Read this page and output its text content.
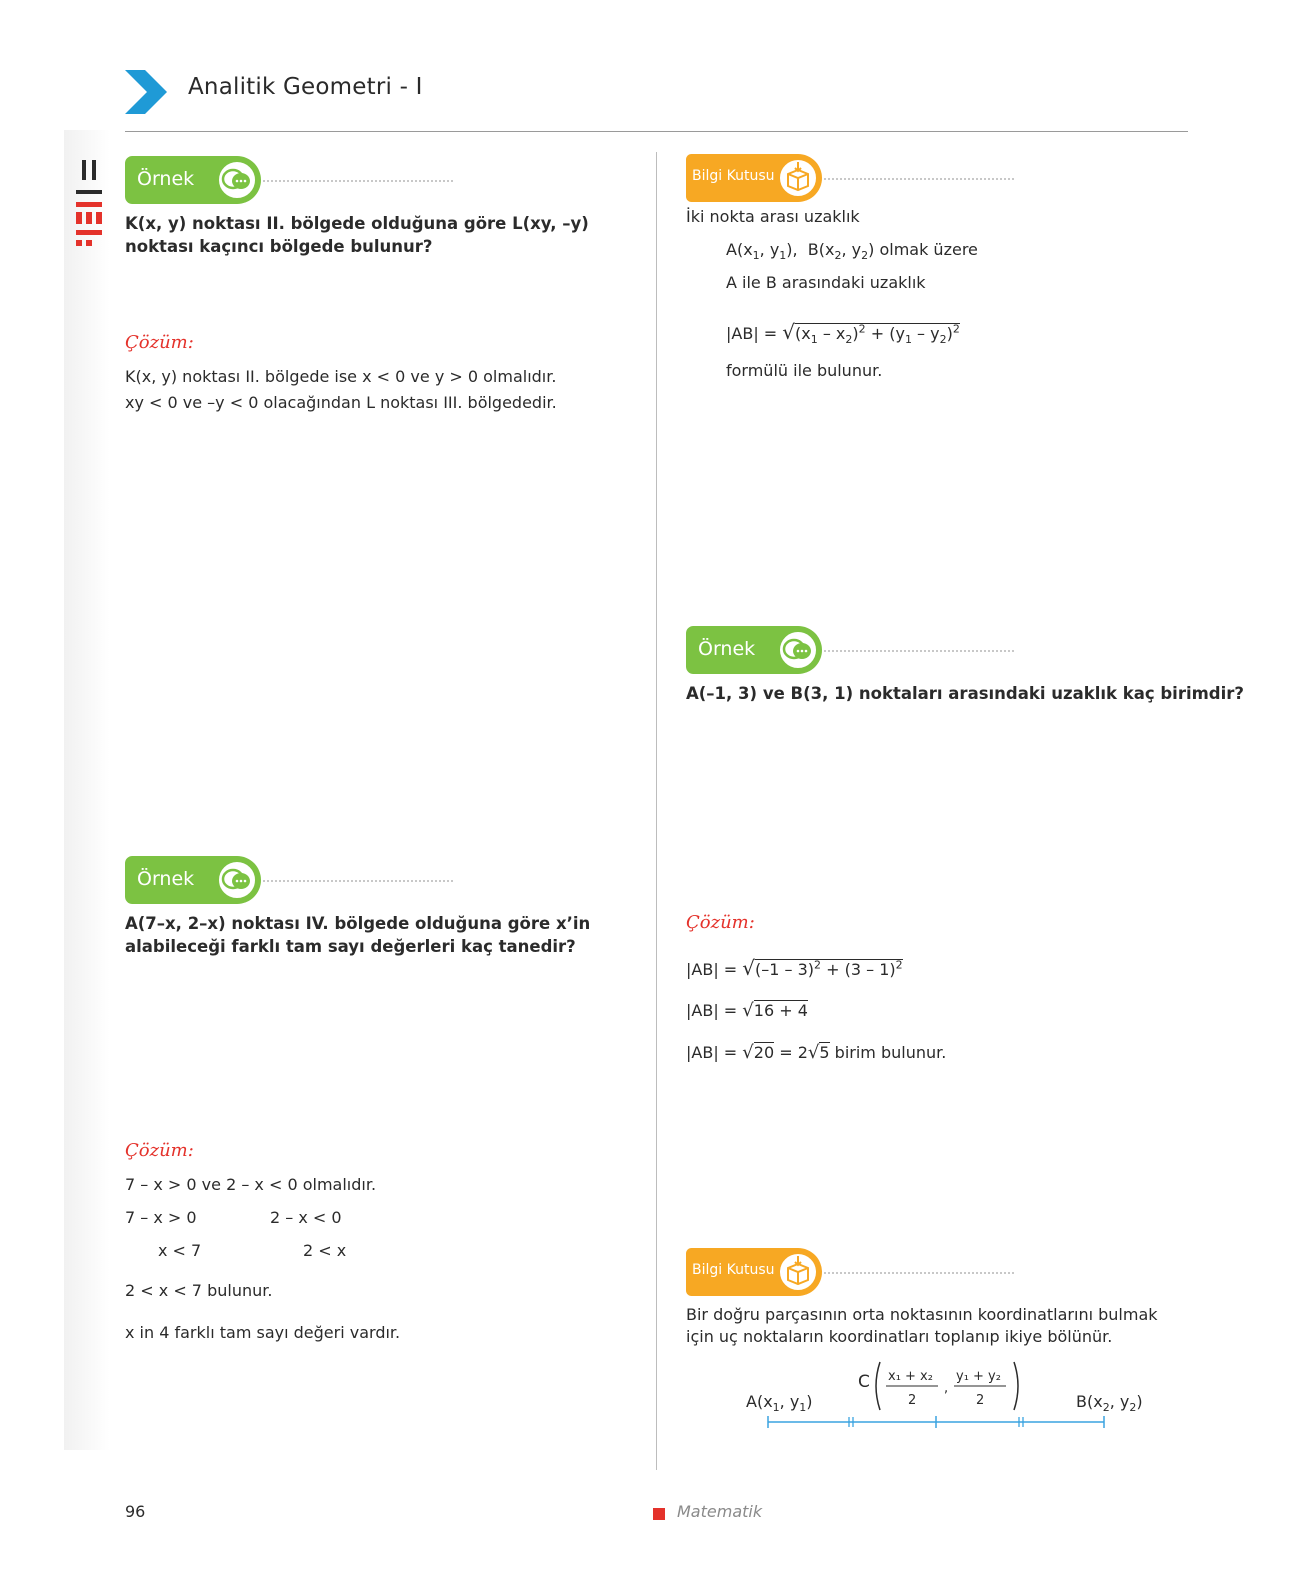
Analitik Geometri - I
Örnek
K(x, y) noktası II. bölgede olduğuna göre L(xy, –y) noktası kaçıncı bölgede bulunur?
Çözüm:
K(x, y) noktası II. bölgede ise x < 0 ve y > 0 olmalıdır.
xy < 0 ve –y < 0 olacağından L noktası III. bölgededir.
Örnek
A(7–x, 2–x) noktası IV. bölgede olduğuna göre x’in alabileceği farklı tam sayı değerleri kaç tanedir?
Çözüm:
7 – x > 0 ve 2 – x < 0 olmalıdır.
7 – x > 0	2 – x < 0
x < 7	2 < x
2 < x < 7 bulunur.
x in 4 farklı tam sayı değeri vardır.
Bilgi Kutusu
İki nokta arası uzaklık
$A(x_1$, $y_1$),  $B(x_2$, $y_2$) olmak üzere
A ile B arasındaki uzaklık
$|AB| = √(x_1 - x_2)^2 + (y_1 - y_2)^2$
formülü ile bulunur.
Örnek
A(–1, 3) ve B(3, 1) noktaları arasındaki uzaklık kaç birimdir?
Çözüm:
|AB| = √(–1 – 3)$^2$ + (3 – 1)$^2$
|AB| = √16 + 4
|AB| = √20 = 2√5 birim bulunur.
Bilgi Kutusu
Bir doğru parçasının orta noktasının koordinatlarını bulmak için uç noktaların koordinatları toplanıp ikiye bölünür.
$A(x_1$, $y_1$)	$B(x_2$, $y_2$)
C x₁ + x₂
2
,
y₁ + y₂
2
96	Matematik
